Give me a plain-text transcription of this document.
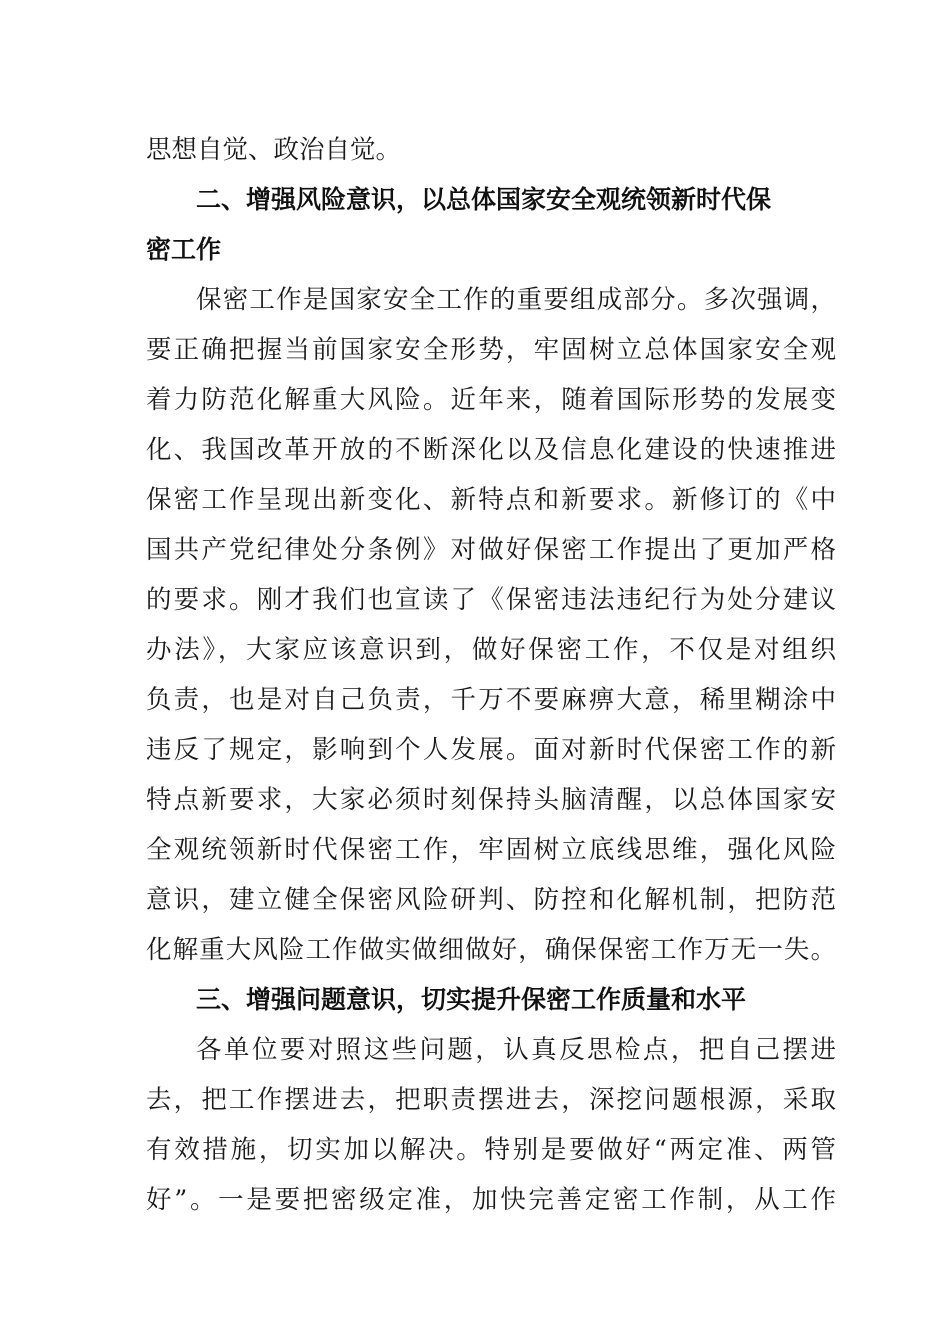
思想自觉、政治自觉。
二、增强风险意识，以总体国家安全观统领新时代保
密工作
保密工作是国家安全工作的重要组成部分。多次强调，
要正确把握当前国家安全形势，牢固树立总体国家安全观
着力防范化解重大风险。近年来，随着国际形势的发展变
化、我国改革开放的不断深化以及信息化建设的快速推进
保密工作呈现出新变化、新特点和新要求。新修订的《中
国共产党纪律处分条例》对做好保密工作提出了更加严格
的要求。刚才我们也宣读了《保密违法违纪行为处分建议
办法》，大家应该意识到，做好保密工作，不仅是对组织
负责，也是对自己负责，千万不要麻痹大意，稀里糊涂中
违反了规定，影响到个人发展。面对新时代保密工作的新
特点新要求，大家必须时刻保持头脑清醒，以总体国家安
全观统领新时代保密工作，牢固树立底线思维，强化风险
意识，建立健全保密风险研判、防控和化解机制，把防范
化解重大风险工作做实做细做好，确保保密工作万无一失。
三、增强问题意识，切实提升保密工作质量和水平
各单位要对照这些问题，认真反思检点，把自己摆进
去，把工作摆进去，把职责摆进去，深挖问题根源，采取
有效措施，切实加以解决。特别是要做好“两定准、两管
好”。一是要把密级定准，加快完善定密工作制，从工作
